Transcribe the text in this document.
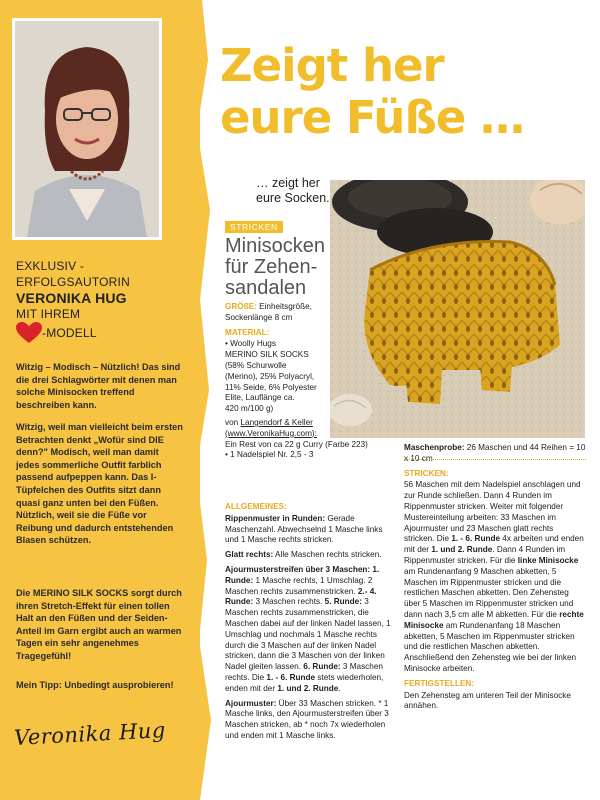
EXKLUSIV -
ERFOLGSAUTORIN
VERONIKA HUG
MIT IHREM
-MODELL

Witzig – Modisch – Nützlich! Das sind die drei Schlagwörter mit denen man solche Minisocken treffend beschreiben kann.

Witzig, weil man vielleicht beim ersten Betrachten denkt „Wofür sind DIE denn?" Modisch, weil man damit jedes sommerliche Outfit farblich passend aufpeppen kann. Das I-Tüpfelchen des Outfits sitzt dann quasi ganz unten bei den Füßen. Nützlich, weil sie die Füße vor Reibung und dadurch entstehenden Blasen schützen.

Die MERINO SILK SOCKS sorgt durch ihren Stretch-Effekt für einen tollen Halt an den Füßen und der Seiden-Anteil im Garn ergibt auch an warmen Tagen ein sehr angenehmes Tragegefühl!

Mein Tipp: Unbedingt ausprobieren!

Veronika Hug
Zeigt her
eure Füße …
… zeigt her
eure Socken.
STRICKEN
Minisocken für Zehen-sandalen

GRÖßE: Einheitsgröße, Sockenlänge 8 cm

MATERIAL:
• Woolly Hugs
MERINO SILK SOCKS
(58% Schurwolle
(Merino), 25% Polyacryl,
11% Seide, 6% Polyester
Elite, Lauflänge ca.
420 m/100 g)
von Langendorf & Keller
(www.VeronikaHug.com):
Ein Rest von ca 22 g Curry (Farbe 223)
• 1 Nadelspiel Nr. 2,5 - 3
ALLGEMEINES:

Rippenmuster in Runden: Gerade Maschenzahl. Abwechselnd 1 Masche links und 1 Masche rechts stricken.

Glatt rechts: Alle Maschen rechts stricken.

Ajourmusterstreifen über 3 Maschen: 1. Runde: 1 Masche rechts, 1 Umschlag. 2 Maschen rechts zusammenstricken. 2.- 4. Runde: 3 Maschen rechts. 5. Runde: 3 Maschen rechts zusammenstricken, die Maschen dabei auf der linken Nadel lassen, 1 Umschlag und nochmals 1 Masche rechts durch die 3 Maschen auf der linken Nadel stricken, dann die 3 Maschen von der linken Nadel gleiten lassen. 6. Runde: 3 Maschen rechts. Die 1. - 6. Runde stets wiederholen, enden mit der 1. und 2. Runde.

Ajourmuster: Über 33 Maschen stricken. * 1 Masche links, den Ajourmusterstreifen über 3 Maschen stricken, ab * noch 7x wiederholen und enden mit 1 Masche links.

Maschenprobe: 26 Maschen und 44 Reihen = 10 x 10 cm

STRICKEN:

56 Maschen mit dem Nadelspiel anschlagen und zur Runde schließen. Dann 4 Runden im Rippenmuster stricken. Weiter mit folgender Mustereinteilung arbeiten: 33 Maschen im Ajourmuster und 23 Maschen glatt rechts stricken. Die 1. - 6. Runde 4x arbeiten und enden mit der 1. und 2. Runde. Dann 4 Runden im Rippenmuster stricken. Für die linke Minisocke am Rundenanfang 9 Maschen abketten, 5 Maschen im Rippenmuster stricken und die restlichen Maschen abketten. Den Zehensteg über 5 Maschen im Rippenmuster stricken und dann nach 3,5 cm alle M abketten. Für die rechte Minisocke am Rundenanfang 18 Maschen abketten, 5 Maschen im Rippenmuster stricken und die restlichen Maschen abketten. Anschließend den Zehensteg wie bei der linken Minisocke arbeiten.

FERTIGSTELLEN:

Den Zehensteg am unteren Teil der Minisocke annähen.

PassionForum.ru
